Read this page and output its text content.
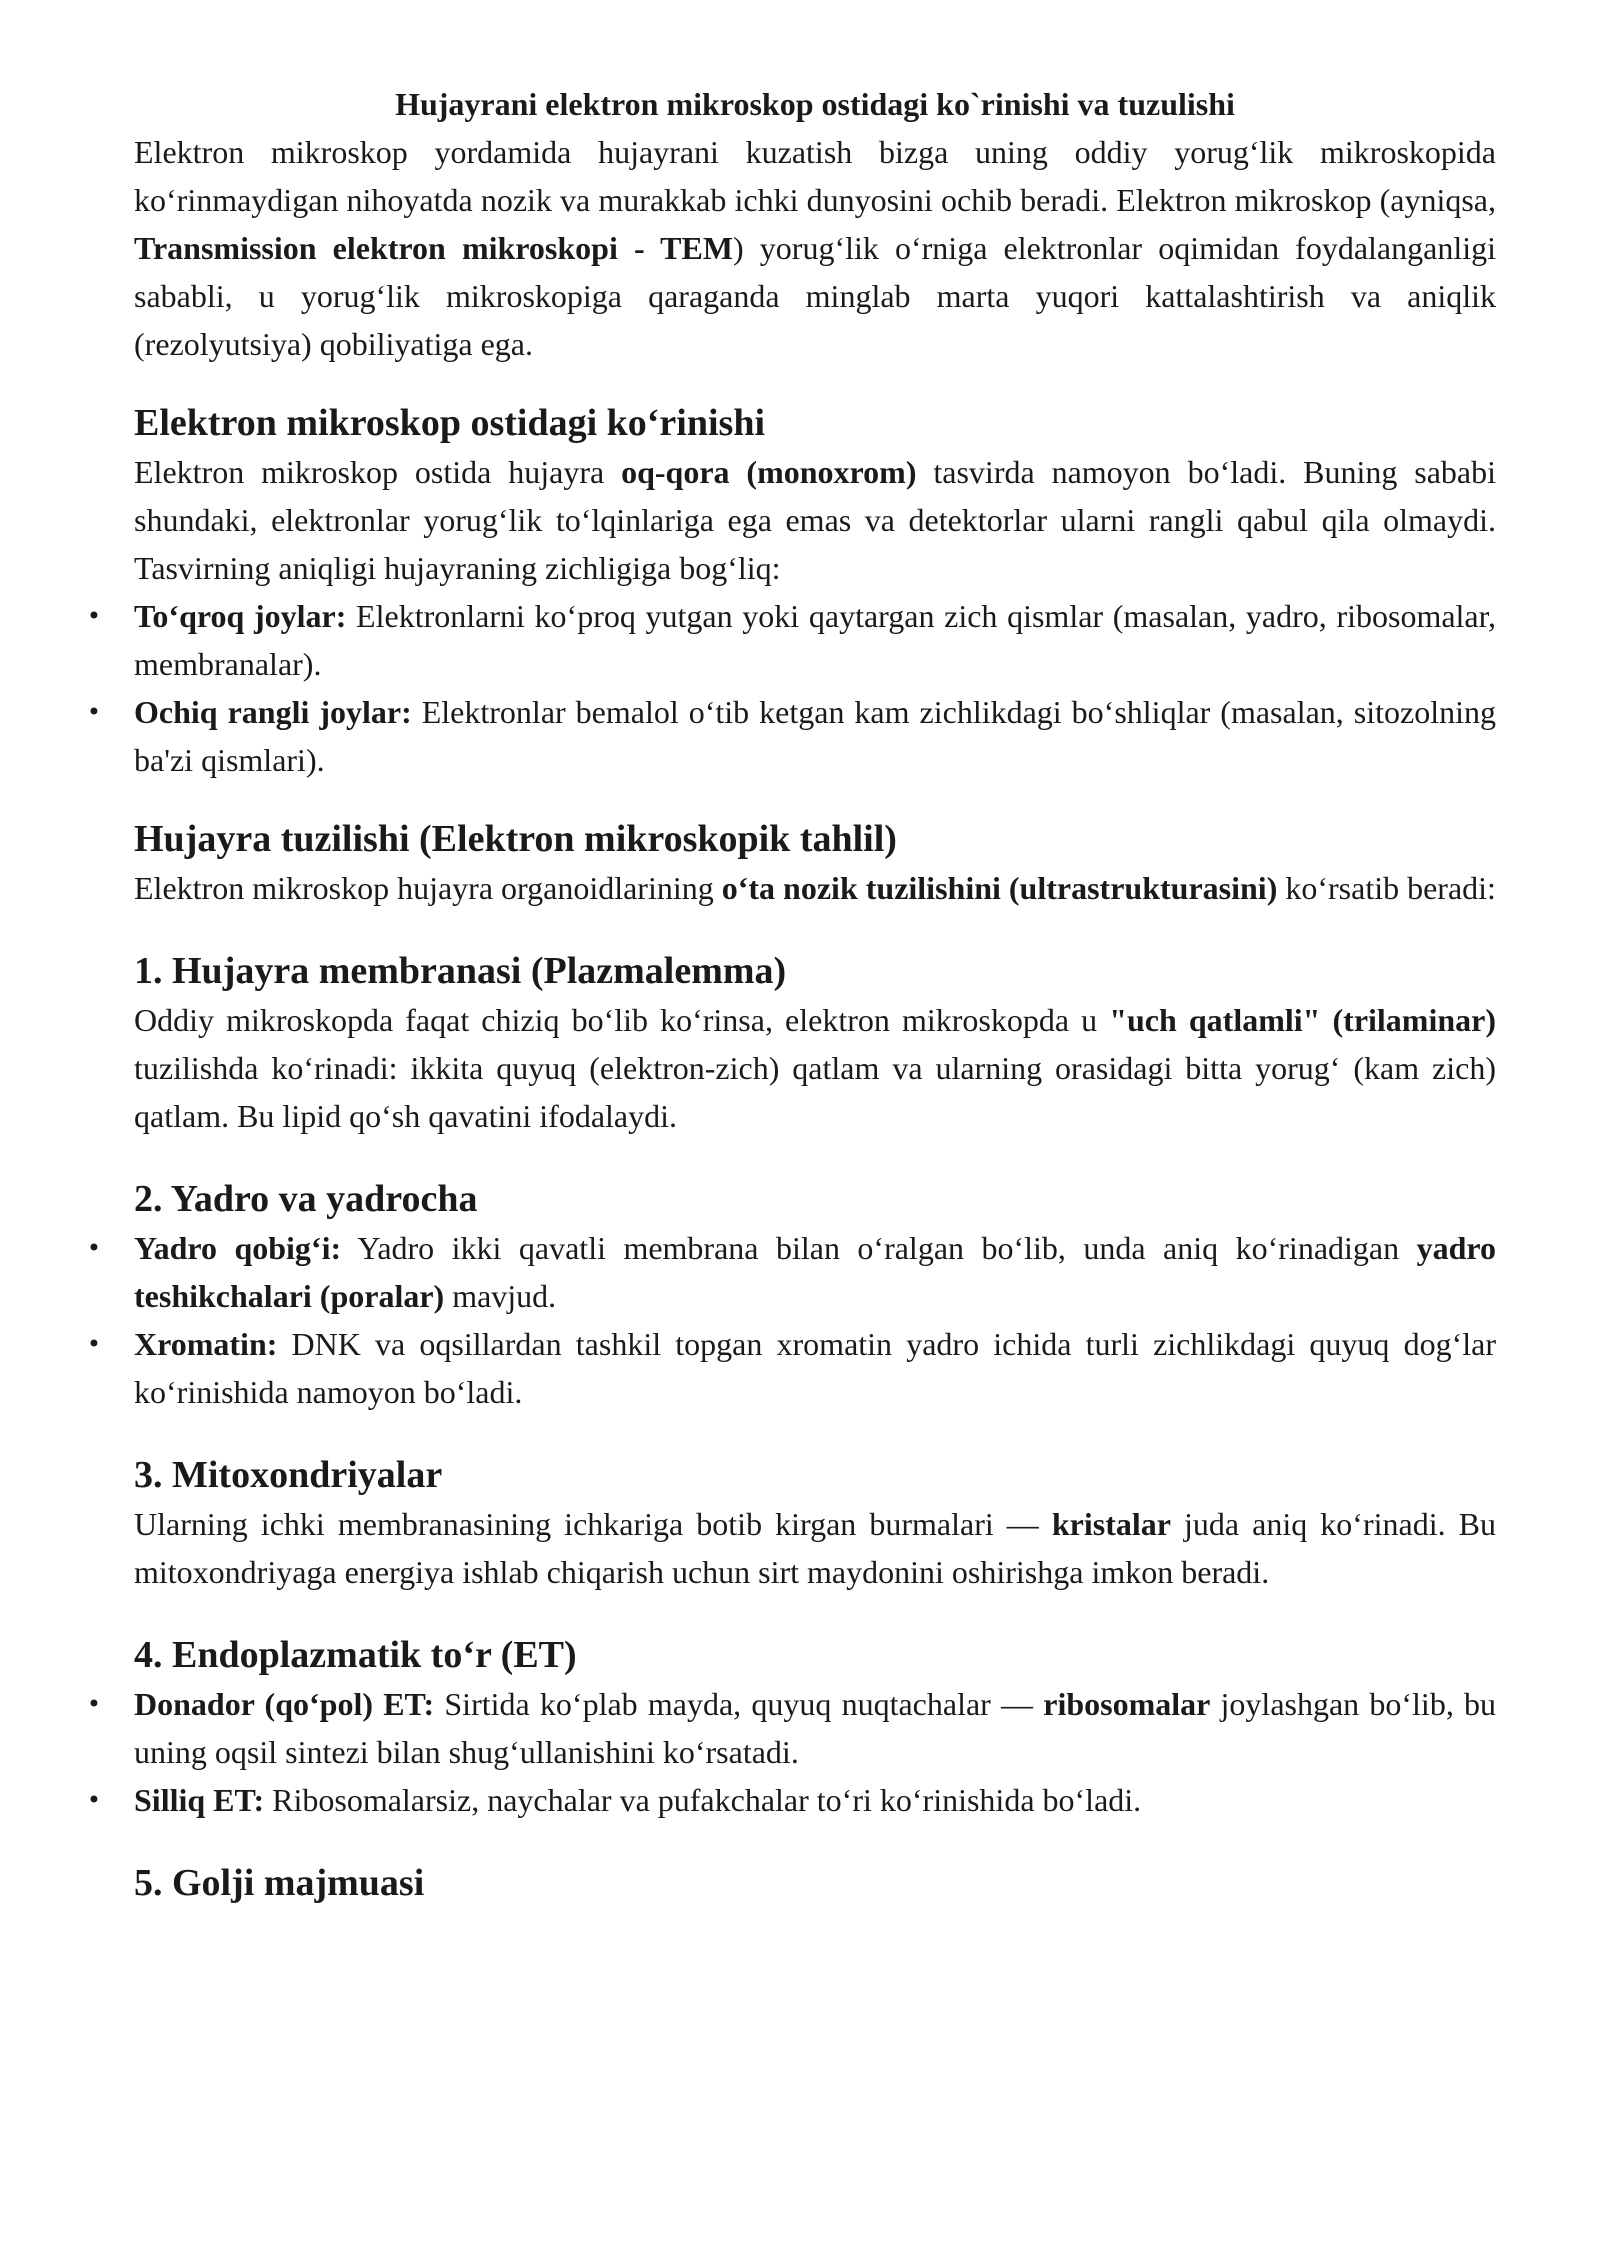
Hujayrani elektron mikroskop ostidagi ko`rinishi va tuzulishi

Elektron mikroskop yordamida hujayrani kuzatish bizga uning oddiy yorug‘lik mikroskopida ko‘rinmaydigan nihoyatda nozik va murakkab ichki dunyosini ochib beradi. Elektron mikroskop (ayniqsa, Transmission elektron mikroskopi - TEM) yorug‘lik o‘rniga elektronlar oqimidan foydalanganligi sababli, u yorug‘lik mikroskopiga qaraganda minglab marta yuqori kattalashtirish va aniqlik (rezolyutsiya) qobiliyatiga ega.

Elektron mikroskop ostidagi ko‘rinishi

Elektron mikroskop ostida hujayra oq-qora (monoxrom) tasvirda namoyon bo‘ladi. Buning sababi shundaki, elektronlar yorug‘lik to‘lqinlariga ega emas va detektorlar ularni rangli qabul qila olmaydi. Tasvirning aniqligi hujayraning zichligiga bog‘liq:

• To‘qroq joylar: Elektronlarni ko‘proq yutgan yoki qaytargan zich qismlar (masalan, yadro, ribosomalar, membranalar).
• Ochiq rangli joylar: Elektronlar bemalol o‘tib ketgan kam zichlikdagi bo‘shliqlar (masalan, sitozolning ba'zi qismlari).
Hujayra tuzilishi (Elektron mikroskopik tahlil)

Elektron mikroskop hujayra organoidlarining o‘ta nozik tuzilishini (ultrastrukturasini) ko‘rsatib beradi:

1. Hujayra membranasi (Plazmalemma)

Oddiy mikroskopda faqat chiziq bo‘lib ko‘rinsa, elektron mikroskopda u "uch qatlamli" (trilaminar) tuzilishda ko‘rinadi: ikkita quyuq (elektron-zich) qatlam va ularning orasidagi bitta yorug‘ (kam zich) qatlam. Bu lipid qo‘sh qavatini ifodalaydi.

2. Yadro va yadrocha
• Yadro qobig‘i: Yadro ikki qavatli membrana bilan o‘ralgan bo‘lib, unda aniq ko‘rinadigan yadro teshikchalari (poralar) mavjud.
• Xromatin: DNK va oqsillardan tashkil topgan xromatin yadro ichida turli zichlikdagi quyuq dog‘lar ko‘rinishida namoyon bo‘ladi.
3. Mitoxondriyalar

Ularning ichki membranasining ichkariga botib kirgan burmalari — kristalar juda aniq ko‘rinadi. Bu mitoxondriyaga energiya ishlab chiqarish uchun sirt maydonini oshirishga imkon beradi.

4. Endoplazmatik to‘r (ET)
• Donador (qo‘pol) ET: Sirtida ko‘plab mayda, quyuq nuqtachalar — ribosomalar joylashgan bo‘lib, bu uning oqsil sintezi bilan shug‘ullanishini ko‘rsatadi.
• Silliq ET: Ribosomalarsiz, naychalar va pufakchalar to‘ri ko‘rinishida bo‘ladi.
5. Golji majmuasi
